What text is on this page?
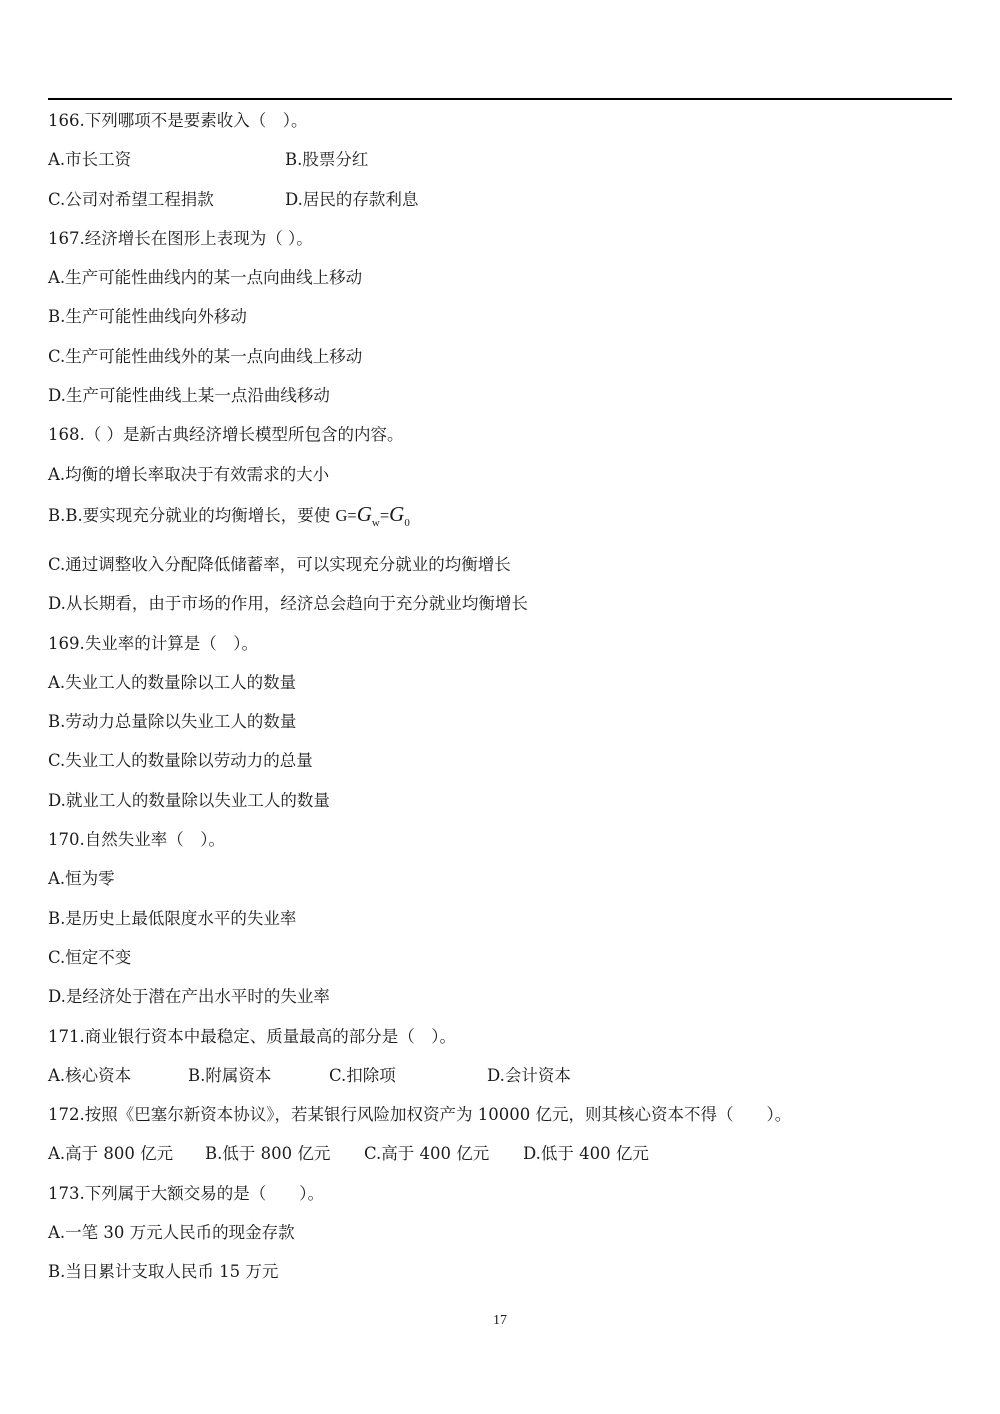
166.下列哪项不是要素收入（　）。
A.市长工资	B.股票分红
C.公司对希望工程捐款	D.居民的存款利息
167.经济增长在图形上表现为（ ）。
A.生产可能性曲线内的某一点向曲线上移动
B.生产可能性曲线向外移动
C.生产可能性曲线外的某一点向曲线上移动
D.生产可能性曲线上某一点沿曲线移动
168.（ ）是新古典经济增长模型所包含的内容。
A.均衡的增长率取决于有效需求的大小
B.B.要实现充分就业的均衡增长，要使 $G=G_w=G_0$
C.通过调整收入分配降低储蓄率，可以实现充分就业的均衡增长
D.从长期看，由于市场的作用，经济总会趋向于充分就业均衡增长
169.失业率的计算是（　）。
A.失业工人的数量除以工人的数量
B.劳动力总量除以失业工人的数量
C.失业工人的数量除以劳动力的总量
D.就业工人的数量除以失业工人的数量
170.自然失业率（　）。
A.恒为零
B.是历史上最低限度水平的失业率
C.恒定不变
D.是经济处于潜在产出水平时的失业率
171.商业银行资本中最稳定、质量最高的部分是（　）。
A.核心资本	B.附属资本	C.扣除项	D.会计资本
172.按照《巴塞尔新资本协议》，若某银行风险加权资产为 10000 亿元，则其核心资本不得（　　）。
A.高于 800 亿元 B.低于 800 亿元 C.高于 400 亿元 D.低于 400 亿元
173.下列属于大额交易的是（　　）。
A.一笔 30 万元人民币的现金存款
B.当日累计支取人民币 15 万元
17
